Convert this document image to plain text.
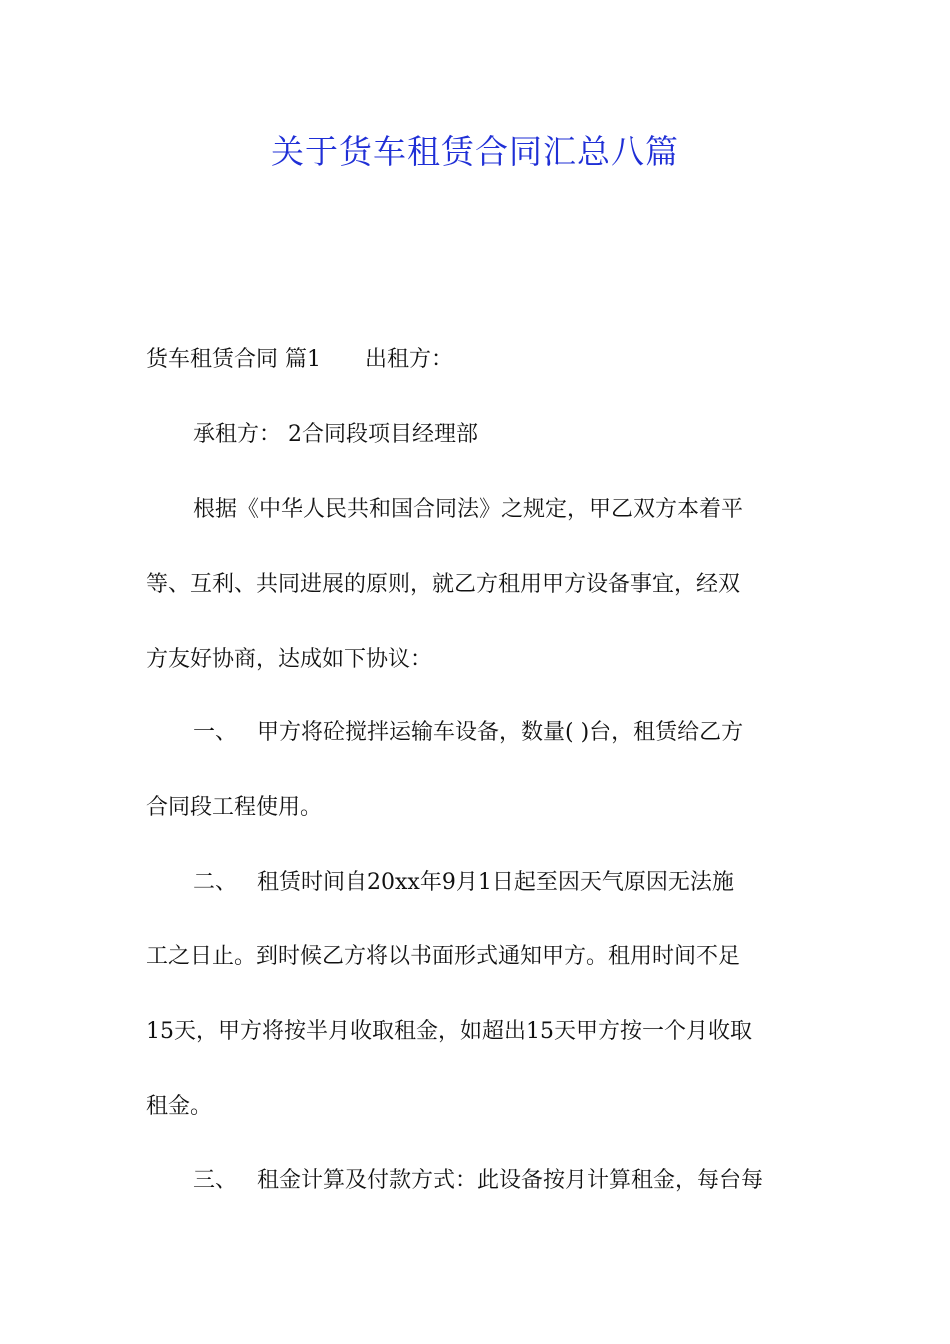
关于货车租赁合同汇总八篇

货车租赁合同 篇1 出租方：

承租方： 2合同段项目经理部

根据《中华人民共和国合同法》之规定，甲乙双方本着平

等、互利、共同进展的原则，就乙方租用甲方设备事宜，经双

方友好协商，达成如下协议：

一、 甲方将砼搅拌运输车设备，数量( )台，租赁给乙方

合同段工程使用。

二、 租赁时间自20xx年9月1日起至因天气原因无法施

工之日止。到时候乙方将以书面形式通知甲方。租用时间不足

15天，甲方将按半月收取租金，如超出15天甲方按一个月收取

租金。

三、 租金计算及付款方式：此设备按月计算租金，每台每
